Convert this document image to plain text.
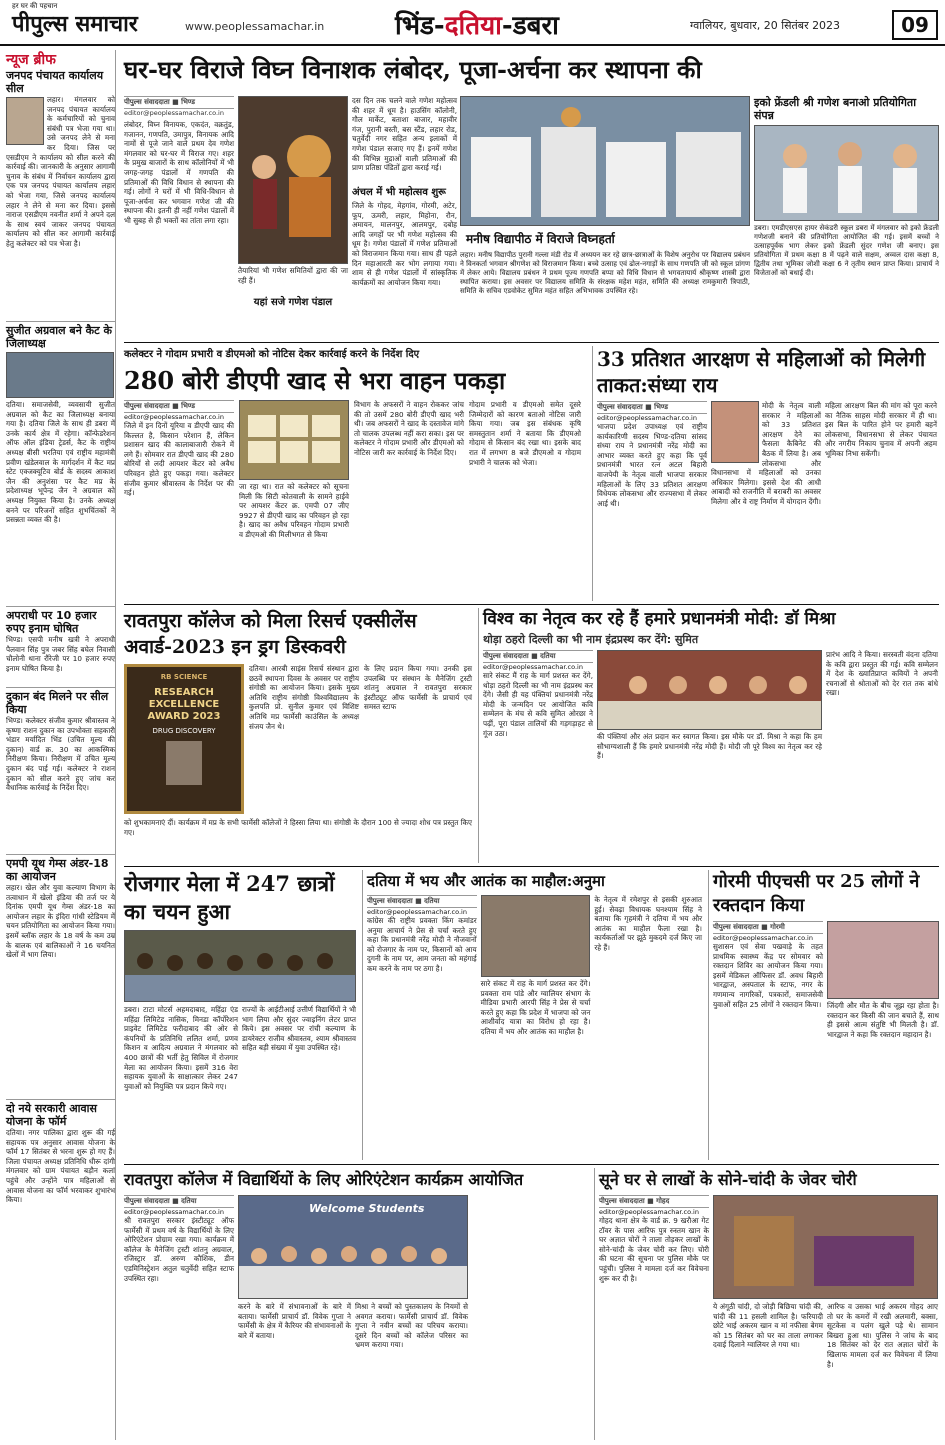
हर घर की पहचान
पीपुल्स समाचार	www.peoplessamachar.in	भिंड-दतिया-डबरा	ग्वालियर, बुधवार, 20 सितंबर 2023	09
न्यूज ब्रीफ
जनपद पंचायत कार्यालय सील
लहार। मंगलवार को जनपद पंचायत कार्यालय के कर्मचारियों को चुनाव संबंधी पत्र भेजा गया था। उसे जनपद लेने से मना कर दिया। जिस पर एसडीएम ने कार्यालय को सील करने की कार्रवाई की। जानकारी के अनुसार आगामी चुनाव के संबंध में निर्वाचन कार्यालय द्वारा एक पत्र जनपद पंचायत कार्यालय लहार को भेजा गया, जिसे जनपद कार्यालय लहार ने लेने से मना कर दिया। इससे नाराज एसडीएम नवनीत शर्मा ने अपने दल के साथ स्वयं जाकर जनपद पंचायत कार्यालय को सील कर आगामी कार्रवाई हेतु कलेक्टर को पत्र भेजा है।
सुजीत अग्रवाल बने कैट के जिलाध्यक्ष
दतिया। समाजसेवी, व्यवसायी सुजीत अग्रवाल को कैट का जिलाध्यक्ष बनाया गया है। दतिया जिले के साथ ही डबरा में उनके कार्य क्षेत्र में रहेगा। कॉन्फेडरेशन ऑफ ऑल इंडिया ट्रेडर्स, कैट के राष्ट्रीय अध्यक्ष बीसी भरतिया एवं राष्ट्रीय महामंत्री प्रवीण खंडेलवाल के मार्गदर्शन में कैट मप्र स्टेट एक्जक्यूटिव बोर्ड के सदस्य आकाश जैन की अनुशंसा पर कैट मप्र के प्रदेशाध्यक्ष भूपेन्द्र जैन ने अग्रवाल को अध्यक्ष नियुक्त किया है। उनके अध्यक्ष बनने पर परिजनों सहित शुभचिंतकों ने प्रसन्नता व्यक्त की है।
अपराधी पर 10 हजार रुपए इनाम घोषित
भिण्ड। एसपी मनीष खत्री ने अपराधी पैलवान सिंह पुत्र जबर सिंह बघेल निवासी चौलोनी थाना रौंरेजी पर 10 हजार रुपए इनाम घोषित किया है।
दुकान बंद मिलने पर सील किया
भिण्ड। कलेक्टर संजीव कुमार श्रीवास्तव ने कृष्णा राशन दुकान का उपभोक्ता सहकारी भंडार मर्यादित भिंड (उचित मूल्य की दुकान) वार्ड क्र. 30 का आकस्मिक निरीक्षण किया। निरीक्षण में उचित मूल्य दुकान बंद पाई गई। कलेक्टर ने राशन दुकान को सील करने हुए जांच कर वैधानिक कार्रवाई के निर्देश दिए।
एमपी यूथ गेम्स अंडर-18 का आयोजन
लहार। खेल और युवा कल्याण विभाग के तत्वाधान में खेलो इंडिया की तर्ज पर ये दिनांक एमपी यूथ गेम्स अंडर-18 का आयोजन लहार के इंदिरा गांधी स्टेडियम में चयन प्रतियोगिता का आयोजन किया गया। इसमें ब्लॉक लहार के 18 वर्ष के कम उम्र के बालक एवं बालिकाओं ने 16 चयनित खेलों में भाग लिया।
दो नये सरकारी आवास योजना के फॉर्म
दतिया। नगर पालिका द्वारा शुरू की गई सहायक पत्र अनुसार आवास योजना के फॉर्म 17 सितंबर से भरना शुरू हो गए हैं। जिला पंचायत अध्यक्ष प्रतिनिधि धीरू दांगी मंगलवार को ग्राम पंचायत बड़ौन कलां पहुंचे और उन्होंने पात्र महिलाओं से आवास योजना का फॉर्म भरवाकर शुभारंभ किया।
घर-घर विराजे विघ्न विनाशक लंबोदर, पूजा-अर्चना कर स्थापना की
पीपुल्स संवाददाता ■ भिण्ड
editor@peoplessamachar.co.in
लंबोदर, विघ्न विनायक, एकदंत, वक्रतुंड, गजानन, गणपति, उमापुत्र, विनायक आदि नामों से पूजे जाने वाले प्रथम देव गणेश मंगलवार को घर-घर में विराज गए। शहर के प्रमुख बाजारों के साथ कॉलोनियों में भी जगह-जगह पंडालों में गणपति की प्रतिमाओं की विधि विधान से स्थापना की गई। लोगों ने घरों में भी विधि-विधान से पूजा-अर्चना कर भगवान गणेश जी की स्थापना की। इतनी ही नहीं गणेश पंडालों में भी सुबह से ही भक्तों का तांता लगा रहा।
तैयारियां भी गणेश समितियों द्वारा की जा रही हैं।
यहां सजे गणेश पंडाल
दस दिन तक चलने वाले गणेश महोत्सव की शहर में धूम है। हाउसिंग कॉलोनी, गौल मार्केट, बताशा बाजार, महावीर गंज, पुरानी बस्ती, बस स्टैंड, लहार रोड, चतुर्वेदी नगर सहित अन्य इलाकों में गणेश पंडाल सजाए गए हैं। इनमें गणेश की विभिन्न मुद्राओं वाली प्रतिमाओं की प्राण प्रतिष्ठा पंडितों द्वारा कराई गई।
मनीष विद्यापीठ में विराजे विघ्नहर्ता
लहार। मनीष विद्यापीठ पुरानी गल्ला मंडी रोड में अध्ययन कर रहे छात्र-छात्राओं के विशेष अनुरोध पर विद्यालय प्रबंधन ने विनकर्ता भगवान श्रीगणेश को विराजमान किया। बच्चे उत्साह एवं ढोल-नगाड़ों के साथ गणपति जी को स्कूल प्रांगण में लेकर आये। विद्यालय प्रबंधन ने प्रथम पूज्य गणपति बप्पा को विधि विधान से भगवतायार्य श्रीकृष्ण शास्त्री द्वारा स्थापित कराया। इस अवसर पर विद्यालय समिति के संरक्षक महेश महंत, समिति की अध्यक्ष रामकुमारी त्रिपाठी, समिति के सचिव एडवोकेट सुमित महंत सहित अभिभावक उपस्थित रहे।
अंचल में भी महोत्सव शुरू
जिले के गोहद, मेहगांव, गोरमी, अटेर, फूप, ऊमरी, लहार, मिहोना, रौन, अमायन, मालनपुर, आलमपुर, दबोह आदि जगहों पर भी गणेश महोत्सव की धूम है। गणेश पंडालों में गणेश प्रतिमाओं को विराजमान किया गया। साथ ही पहले दिन महाआरती कर भोग लगाया गया। शाम से ही गणेश पंडालों में सांस्कृतिक कार्यक्रमों का आयोजन किया गया।
इको फ्रेंडली श्री गणेश बनाओ प्रतियोगिता संपन्न
डबरा। एमडीएसएस हायर सेकंडरी स्कूल डबरा में मंगलवार को इको फ्रेंडली गणेशजी बनाने की प्रतियोगिता आयोजित की गई। इसमें बच्चों ने उत्साहपूर्वक भाग लेकर इको फ्रेंडली सुंदर गणेश जी बनाए। इस प्रतियोगिता में प्रथम कक्षा 8 में पढ़ने वाले सक्षम, अव्वल दास कक्षा 8, द्वितीय तथा भूमिका जोशी कक्षा 6 ने तृतीय स्थान प्राप्त किया। प्राचार्य ने विजेताओं को बधाई दी।
कलेक्टर ने गोदाम प्रभारी व डीएमओ को नोटिस देकर कार्रवाई करने के निर्देश दिए
280 बोरी डीएपी खाद से भरा वाहन पकड़ा
पीपुल्स संवाददाता ■ भिण्ड
editor@peoplessamachar.co.in
जिले में इन दिनों यूरिया व डीएपी खाद की किल्लत है, किसान परेशान हैं, लेकिन प्रशासन खाद की कालाबाजारी रोकने में लगे हैं। सोमवार रात डीएपी खाद की 280 बोरियों से लदी आयशर केंटर को अवैध परिवहन होते हुए पकड़ा गया। कलेक्टर संजीव कुमार श्रीवास्तव के निर्देश पर की गई।
जा रहा था। रात को कलेक्टर को सूचना मिली कि सिटी कोतवाली के सामने हाईवे पर आयशर केंटर क्र. एमपी 07 जीए 9927 से डीएपी खाद का परिवहन हो रहा है। खाद का अवैध परिवहन गोदाम प्रभारी व डीएमओ की मिलीभगत से किया
विभाग के अफसरों ने वाहन रोककर जांच की तो उसमें 280 बोरी डीएपी खाद भरी थी। जब अफसरों ने खाद के दस्तावेज मांगे तो चालक उपलब्ध नहीं करा सका। इस पर कलेक्टर ने गोदाम प्रभारी और डीएमओ को नोटिस जारी कर कार्रवाई के निर्देश दिए।
गोदाम प्रभारी व डीएमओ समेत दूसरे जिम्मेदारों को कारण बताओ नोटिस जारी किया गया। जब इस संबंधक कृषि समस्तुतान शर्मा ने बताया कि डीएमओ गोदाम से किसान बंद रखा था। इसके बाद रात में लगभग 8 बजे डीएमओ व गोदाम प्रभारी ने चालक को भेजा।
33 प्रतिशत आरक्षण से महिलाओं को मिलेगी ताकत:संध्या राय
पीपुल्स संवाददाता ■ भिण्ड
editor@peoplessamachar.co.in
भाजपा प्रदेश उपाध्यक्ष एवं राष्ट्रीय कार्यकारिणी सदस्य भिण्ड-दतिया सांसद संध्या राय ने प्रधानमंत्री नरेंद्र मोदी का आभार व्यक्त करते हुए कहा कि पूर्व प्रधानमंत्री भारत रत्न अटल बिहारी वाजपेयी के नेतृत्व वाली भाजपा सरकार महिलाओं के लिए 33 प्रतिशत आरक्षण विधेयक लोकसभा और राज्यसभा में लेकर आई थी।
मोदी के नेतृत्व वाली सरकार ने महिलाओं को 33 प्रतिशत आरक्षण देने का फैसला कैबिनेट की बैठक में लिया है। अब लोकसभा और विधानसभा में महिलाओं को उनका अधिकार मिलेगा। इससे देश की आधी आबादी को राजनीति में बराबरी का अवसर मिलेगा और वे राष्ट्र निर्माण में योगदान देंगी।
महिला आरक्षण बिल की मांग को पूरा करने का नैतिक साहस मोदी सरकार में ही था। इस बिल के पारित होने पर हमारी बहनें लोकसभा, विधानसभा से लेकर पंचायत और नगरीय निकाय चुनाव में अपनी अहम भूमिका निभा सकेंगी।
रावतपुरा कॉलेज को मिला रिसर्च एक्सीलेंस अवार्ड-2023 इन ड्रग डिस्कवरी
RB SCIENCE
RESEARCH EXCELLENCE AWARD 2023
DRUG DISCOVERY
दतिया। आरबी साइंस रिसर्च संस्थान द्वारा छठवें स्थापना दिवस के अवसर पर राष्ट्रीय संगोष्ठी का आयोजन किया। इसके मुख्य अतिथि राष्ट्रीय संगोष्ठी विश्वविद्यालय के कुलपति प्रो. सुनील कुमार एवं विशिष्ट अतिथि मप्र फार्मेसी काउंसिल के अध्यक्ष संजय जैन थे।
के लिए प्रदान किया गया। उनकी इस उपलब्धि पर संस्थान के मैनेजिंग ट्रस्टी शांतनु अग्रवाल ने रावतपुरा सरकार इंस्टीट्यूट ऑफ फार्मेसी के प्राचार्य एवं समस्त स्टाफ
को शुभकामनाएं दीं। कार्यक्रम में मप्र के सभी फार्मेसी कॉलेजों ने हिस्सा लिया था। संगोष्ठी के दौरान 100 से ज्यादा शोध पत्र प्रस्तुत किए गए।
विश्व का नेतृत्व कर रहे हैं हमारे प्रधानमंत्री मोदी: डॉ मिश्रा
थोड़ा ठहरो दिल्ली का भी नाम इंद्रप्रस्थ कर देंगे: सुमित
पीपुल्स संवाददाता ■ दतिया
editor@peoplessamachar.co.in
सारे संकट मैं राह के मार्ग प्रशस्त कर देंगे, थोड़ा ठहरो दिल्ली का भी नाम इंद्रप्रस्थ कर देंगे। जैसी ही यह पंक्तियां प्रधानमंत्री नरेंद्र मोदी के जन्मदिन पर आयोजित कवि सम्मेलन के मंच से कवि सुमित ओरछा ने पढ़ीं, पूरा पंडाल तालियों की गड़गड़ाहट से गूंज उठा।	की पंक्तियां और अंत प्रदान कर स्वागत किया। इस मौके पर डॉ. मिश्रा ने कहा कि हम सौभाग्यशाली हैं कि हमारे प्रधानमंत्री नरेंद्र मोदी हैं। मोदी जी पूरे विश्व का नेतृत्व कर रहे हैं।
प्रारंभ आदि ने किया। सरस्वती वंदना दतिया के कवि द्वारा प्रस्तुत की गई। कवि सम्मेलन में देश के ख्यातिप्राप्त कवियों ने अपनी रचनाओं से श्रोताओं को देर रात तक बांधे रखा।
रोजगार मेला में 247 छात्रों का चयन हुआ
डबरा। टाटा मोटर्स अहमदाबाद, महिंद्रा एंड महिंद्रा लिमिटेड नासिक, मिनडा कॉर्पोरेशन प्राइवेट लिमिटेड फरीदाबाद की ओर से कंपनियों के प्रतिनिधि ललित शर्मा, प्रणव किशन व आदित्य अग्रवाल ने मंगलवार को 400 छात्रों की भर्ती हेतु सिविल में रोजगार मेला का आयोजन किया। इसमें 316 वेरा सहायक युवाओं के साक्षात्कार लेकर 247 युवाओं को नियुक्ति पत्र प्रदान किये गए।
राज्यों के आईटीआई उत्तीर्ण विद्यार्थियों ने भी भाग लिया और सुंदर ज्वाइनिंग लेटर प्राप्त किये। इस अवसर पर रांची कल्याण के डायरेक्टर राजीव श्रीवास्तव, श्याम श्रीवास्तव सहित बड़ी संख्या में युवा उपस्थित रहे।
दतिया में भय और आतंक का माहौल:अनुमा
पीपुल्स संवाददाता ■ दतिया
editor@peoplessamachar.co.in
कांग्रेस की राष्ट्रीय प्रवक्ता किंग कमांडर अनुमा आचार्य ने प्रेस से चर्चा करते हुए कहा कि प्रधानमंत्री नरेंद्र मोदी ने नौजवानों को रोजगार के नाम पर, किसानों को आय दुगनी के नाम पर, आम जनता को महंगाई कम करने के नाम पर ठगा है।
सारे संकट में राह के मार्ग प्रशस्त कर देंगे। प्रवक्ता राम पांडे और ग्वालियर संभाग के मीडिया प्रभारी आरपी सिंह ने प्रेस से चर्चा करते हुए कहा कि प्रदेश में भाजपा को जन आशीर्वाद यात्रा का विरोध हो रहा है। दतिया में भय और आतंक का माहौल है।
के नेतृत्व में रमेशपुर से इसकी शुरुआत हुई। सेवढ़ा विधायक घनश्याम सिंह ने बताया कि गृहमंत्री ने दतिया में भय और आतंक का माहौल फैला रखा है। कार्यकर्ताओं पर झूठे मुकदमे दर्ज किए जा रहे हैं।
गोरमी पीएचसी पर 25 लोगों ने रक्तदान किया
पीपुल्स संवाददाता ■ गोरमी
editor@peoplessamachar.co.in
सुशासन एवं सेवा पखवाड़े के तहत प्राथमिक स्वास्थ्य केंद्र पर सोमवार को रक्तदान शिविर का आयोजन किया गया। इसमें मेडिकल ऑफिसर डॉ. अवध बिहारी भारद्वाज, अस्पताल के स्टाफ, नगर के गणमान्य नागरिकों, पत्रकारों, समाजसेवी युवाओं सहित 25 लोगों ने रक्तदान किया। जिंदगी और मौत के बीच जूझ रहा होता है। रक्तदान कर किसी की जान बचाते हैं, साथ ही इससे आत्म संतुष्टि भी मिलती है। डॉ. भारद्वाज ने कहा कि रक्तदान महादान है।
रावतपुरा कॉलेज में विद्यार्थियों के लिए ओरिएंटेशन कार्यक्रम आयोजित
पीपुल्स संवाददाता ■ दतिया
editor@peoplessamachar.co.in
श्री रावतपुरा सरकार इंस्टीट्यूट ऑफ फार्मेसी में प्रथम वर्ष के विद्यार्थियों के लिए ओरिएंटेशन प्रोग्राम रखा गया। कार्यक्रम में कॉलेज के मैनेजिंग ट्रस्टी शांतनु अग्रवाल, रजिस्ट्रार डॉ. अरुण कौशिक, डीन एडमिनिस्ट्रेशन अतुल चतुर्वेदी सहित स्टाफ उपस्थित रहा।
Welcome Students
करने के बारे में संभावनाओं के बारे में बताया। फार्मेसी प्राचार्य डॉ. विवेक गुप्ता ने फार्मेसी के क्षेत्र में कैरियर की संभावनाओं के बारे में बताया।
मिश्रा ने बच्चों को पुस्तकालय के नियमों से अवगत कराया। फार्मेसी प्राचार्य डॉ. विवेक गुप्ता ने नवीन बच्चों का परिचय कराया। दूसरे दिन बच्चों को कॉलेज परिसर का भ्रमण कराया गया।
सूने घर से लाखों के सोने-चांदी के जेवर चोरी
पीपुल्स संवाददाता ■ गोहद
editor@peoplessamachar.co.in
गोहद थाना क्षेत्र के वार्ड क्र. 9 खरौआ गेट टॉवर के पास आरिफ पुत्र रुस्तम खान के घर अज्ञात चोरों ने ताला तोड़कर लाखों के सोने-चांदी के जेवर चोरी कर लिए। चोरी की घटना की सूचना पर पुलिस मौके पर पहुंची। पुलिस ने मामला दर्ज कर विवेचना शुरू कर दी है।
ये अंगूठी चांदी, दो जोड़ी बिछिया चांदी की, चांदी की 11 हसली शामिल है। फरियादी छोटे भाई अकरम खान व मां नफीसा बेगम को 15 सितंबर को घर का ताला लगाकर दवाई दिलाने ग्वालियर ले गया था।
आरिफ व उसका भाई अकरम गोहद आए तो घर के कमरों में रखी अलमारी, बक्सा, सूटकेस व पलंग खुले पड़े थे। सामान बिखरा हुआ था। पुलिस ने जांच के बाद 18 सितंबर को देर रात अज्ञात चोरों के खिलाफ मामला दर्ज कर विवेचना में लिया है।
